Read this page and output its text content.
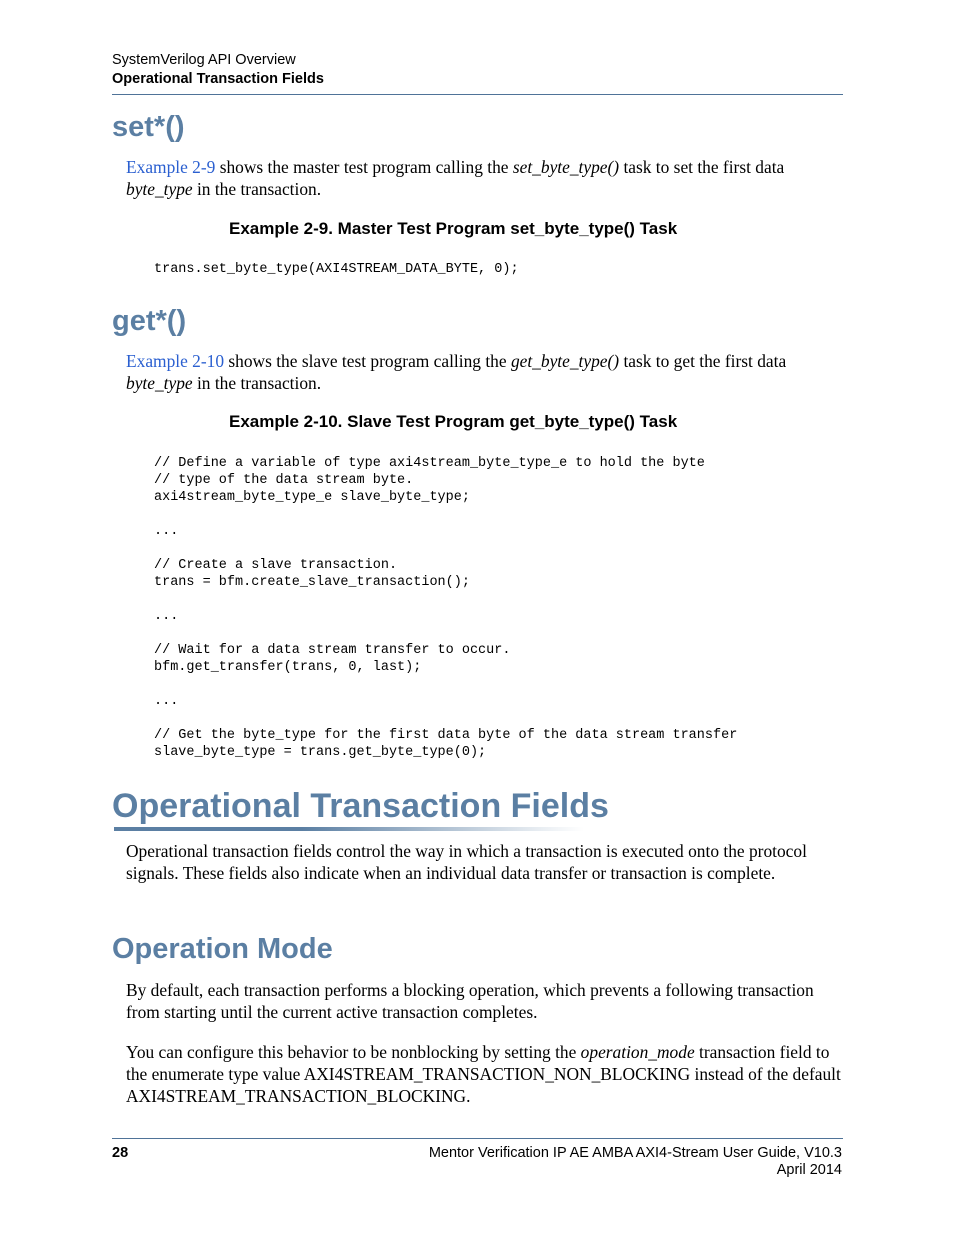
SystemVerilog API Overview
Operational Transaction Fields
set*()

Example 2-9 shows the master test program calling the set_byte_type() task to set the first data byte_type in the transaction.

Example 2-9. Master Test Program set_byte_type() Task

trans.set_byte_type(AXI4STREAM_DATA_BYTE, 0);
get*()

Example 2-10 shows the slave test program calling the get_byte_type() task to get the first data byte_type in the transaction.

Example 2-10. Slave Test Program get_byte_type() Task

// Define a variable of type axi4stream_byte_type_e to hold the byte
// type of the data stream byte.
axi4stream_byte_type_e slave_byte_type;

...

// Create a slave transaction.
trans = bfm.create_slave_transaction();

...

// Wait for a data stream transfer to occur.
bfm.get_transfer(trans, 0, last);

...

// Get the byte_type for the first data byte of the data stream transfer
slave_byte_type = trans.get_byte_type(0);
Operational Transaction Fields

Operational transaction fields control the way in which a transaction is executed onto the protocol signals. These fields also indicate when an individual data transfer or transaction is complete.

Operation Mode

By default, each transaction performs a blocking operation, which prevents a following transaction from starting until the current active transaction completes.

You can configure this behavior to be nonblocking by setting the operation_mode transaction field to the enumerate type value AXI4STREAM_TRANSACTION_NON_BLOCKING instead of the default AXI4STREAM_TRANSACTION_BLOCKING.

28	Mentor Verification IP AE AMBA AXI4-Stream User Guide, V10.3
April 2014
